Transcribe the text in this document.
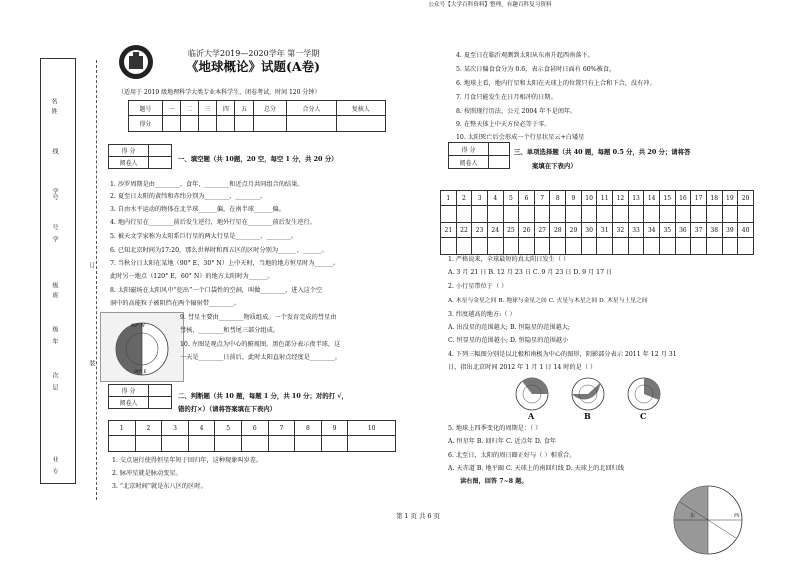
公众号【大学百科资料】整理，有趣百科复习资料
名
姓
线
学号
号
学
订
级
班
级
年
装
次
层
业
专
临沂大学2019—2020学年 第一学期
《地球概论》试题(A卷)
（适用于 2019 级地理科学大类专业本科学生，闭卷考试，时间 120 分钟）
题号	一	二	三	四	五	总分	合分人	复核人
得分								
得 分	
阅卷人	
一、填空题（共 10题，20 空，每空 1 分，共 20 分）
1. 沙罗周期是由________、食年、________和近点月共同组合的结果。
2. 夏至日太阳的黄纬和赤纬分别为________、________。
3. 自由水平运动的物体在北半球______偏，在南半球______偏。
4. 地内行星在________前后发生逆行，地外行星在________前后发生逆行。
5. 被天文学家称为太阳系巨行星的两大行星是________、________。
6. 已知北京时间为17:20，那么世界时和西五区的区时分别为______、______。
7. 当秋分日太阳在某地（90° E，30° N）上中天时，当地的地方恒星时为______。
此时另一地点（120° E，60° N）的地方太阳时为______。
8. 太阳磁场在太阳风中“挖出”一个口袋性的空洞，叫做________，进入这个空
洞中的高能粒子被阻挡在两个辐射带________。
90° W
90° E
9. 彗星主要由________物质组成。一个发育完成的彗星由
彗核、________和彗尾三部分组成。
10. 左图是观点为中心的俯视图，黑色部分表示夜半球，这
一天是________日前后，此时太阳直射点经度是________。
得 分	
阅卷人	
二、判断题（共 10 题，每题 1 分，共 10 分；对的打 √，
错的打×）（请将答案填在下表内）
1	2	3	4	5	6	7	8	9	10

1. 交点退行使得恒星年短于回归年，这种现象叫岁差。
2. 脉冲星就是脉动变星。
3. “北京时间”就是东八区的区时。
4. 夏至日在临沂观测到太阳从东南升起西南落下。
5. 某次日偏食食分为 0.6，表示食甚时日面有 60%被食。
6. 地球上看，地内行星和太阳在天球上的位置只有上合和下合，没有冲。
7. 月食只能发生在日月相冲的日期。
8. 按照现行历法，公元 2004 年不是闰年。
9. 在整天体上中天方位必等于零。
10. 太阳死亡后会形成一个行星状星云+白矮星
得 分	
阅卷人	
三、单项选择题（共 40 题，每题 0.5 分，共 20 分；请将答
案填在下表内）
1	2	3	4	5	6	7	8	9	10	11	12	13	14	15	16	17	18	19	20

21	22	23	24	25	26	27	28	29	30	31	32	33	34	35	36	37	38	39	40

1. 严格说来，全球最短的真太阳日发生（ ）
A. 3 月 21 日 B. 12 月 23 日 C. 9 月 23 日 D. 9 月 17 日
2. 小行星带位于（ ）
A. 木星与金星之间 B. 地球与金星之间 C. 火星与木星之间 D. 木星与土星之间
3. 纬度越高的地方:（ ）
A. 出没星的范围越大; B. 恒隐星的范围越大;
C. 恒显星的范围越小; D. 恒隐星的范围越小
4. 下列三幅图分别是以北极和南极为中心的图形，阴影部分表示 2011 年 12 月 31
日，指出北京时间 2012 年 1 月 1 日 14 时的是（ ）
A	B	C
5. 地球上四季变化的周期是：（ ）
A. 恒星年 B. 回归年 C. 近点年 D. 食年
6. 北至日，太阳的周日圈正好与（ ）相重合。
A. 天赤道 B. 地平圈 C. 天球上的南回归线 D. 天球上的北回归线
读右图，回答 7~8 题。
东	西
第 1 页 共 6 页
